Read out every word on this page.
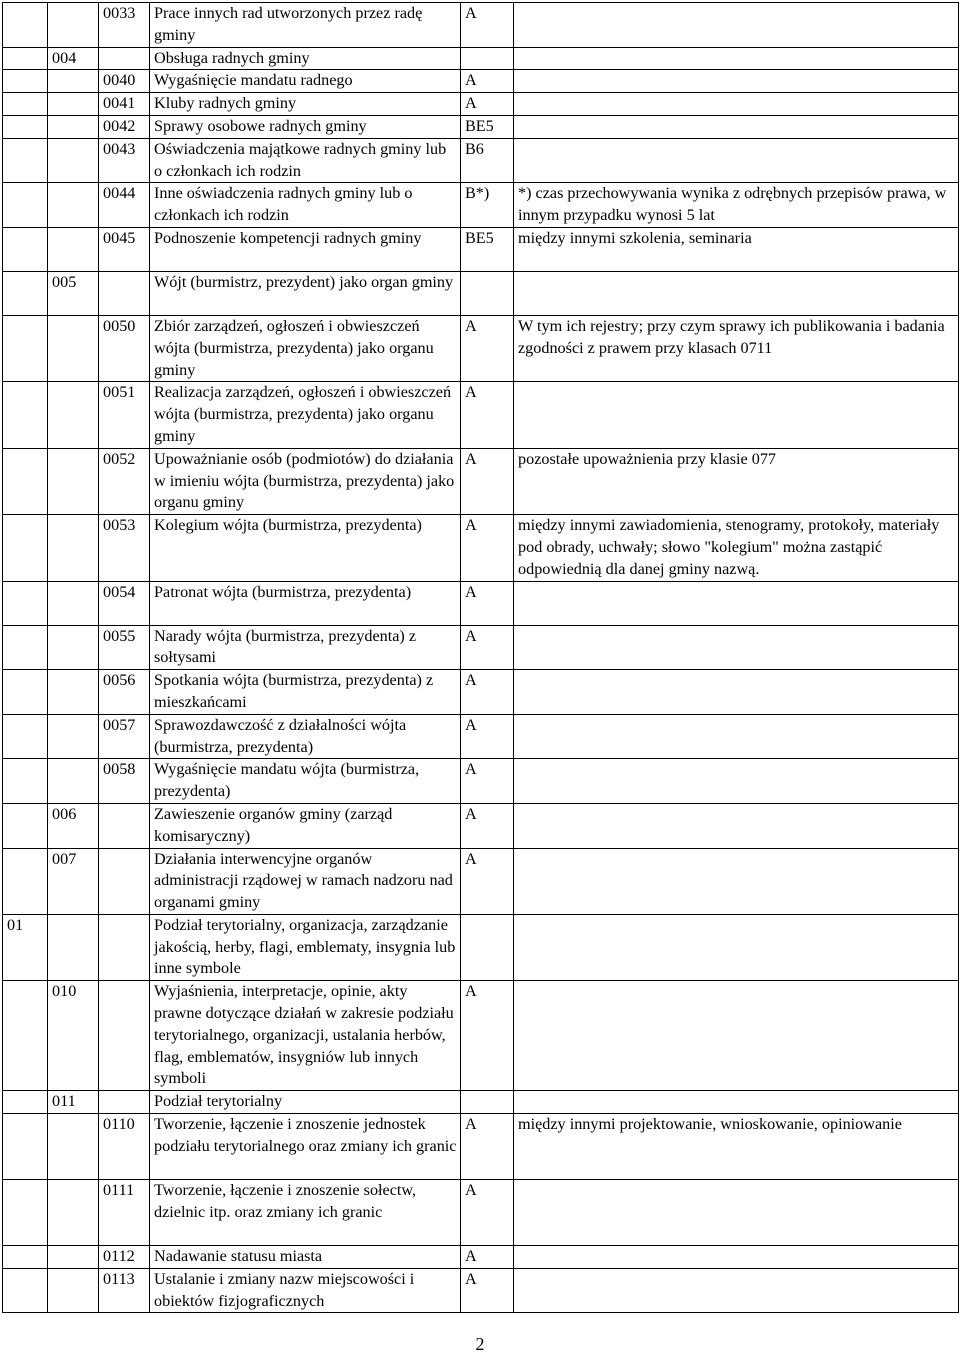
		0033	Prace innych rad utworzonych przez radę gminy	A	
	004		Obsługa radnych gminy		
		0040	Wygaśnięcie mandatu radnego	A	
		0041	Kluby radnych gminy	A	
		0042	Sprawy osobowe radnych gminy	BE5	
		0043	Oświadczenia majątkowe radnych gminy lub o członkach ich rodzin	B6	
		0044	Inne oświadczenia radnych gminy lub o członkach ich rodzin	B*)	*) czas przechowywania wynika z odrębnych przepisów prawa, w innym przypadku wynosi 5 lat
		0045	Podnoszenie kompetencji radnych gminy	BE5	między innymi szkolenia, seminaria
	005		Wójt (burmistrz, prezydent) jako organ gminy		
		0050	Zbiór zarządzeń, ogłoszeń i obwieszczeń wójta (burmistrza, prezydenta) jako organu gminy	A	W tym ich rejestry; przy czym sprawy ich publikowania i badania zgodności z prawem przy klasach 0711
		0051	Realizacja zarządzeń, ogłoszeń i obwieszczeń wójta (burmistrza, prezydenta) jako organu gminy	A	
		0052	Upoważnianie osób (podmiotów) do działania w imieniu wójta (burmistrza, prezydenta) jako organu gminy	A	pozostałe upoważnienia przy klasie 077
		0053	Kolegium wójta (burmistrza, prezydenta)	A	między innymi zawiadomienia, stenogramy, protokoły, materiały pod obrady, uchwały; słowo "kolegium" można zastąpić odpowiednią dla danej gminy nazwą.
		0054	Patronat wójta (burmistrza, prezydenta)	A	
		0055	Narady wójta (burmistrza, prezydenta) z sołtysami	A	
		0056	Spotkania wójta (burmistrza, prezydenta) z mieszkańcami	A	
		0057	Sprawozdawczość z działalności wójta (burmistrza, prezydenta)	A	
		0058	Wygaśnięcie mandatu wójta (burmistrza, prezydenta)	A	
	006		Zawieszenie organów gminy (zarząd komisaryczny)	A	
	007		Działania interwencyjne organów administracji rządowej w ramach nadzoru nad organami gminy	A	
01			Podział terytorialny, organizacja, zarządzanie jakością, herby, flagi, emblematy, insygnia lub inne symbole		
	010		Wyjaśnienia, interpretacje, opinie, akty prawne dotyczące działań w zakresie podziału terytorialnego, organizacji, ustalania herbów, flag, emblematów, insygniów lub innych symboli	A	
	011		Podział terytorialny		
		0110	Tworzenie, łączenie i znoszenie jednostek podziału terytorialnego oraz zmiany ich granic	A	między innymi projektowanie, wnioskowanie, opiniowanie
		0111	Tworzenie, łączenie i znoszenie sołectw, dzielnic itp. oraz zmiany ich granic	A	
		0112	Nadawanie statusu miasta	A	
		0113	Ustalanie i zmiany nazw miejscowości i obiektów fizjograficznych	A	
2
